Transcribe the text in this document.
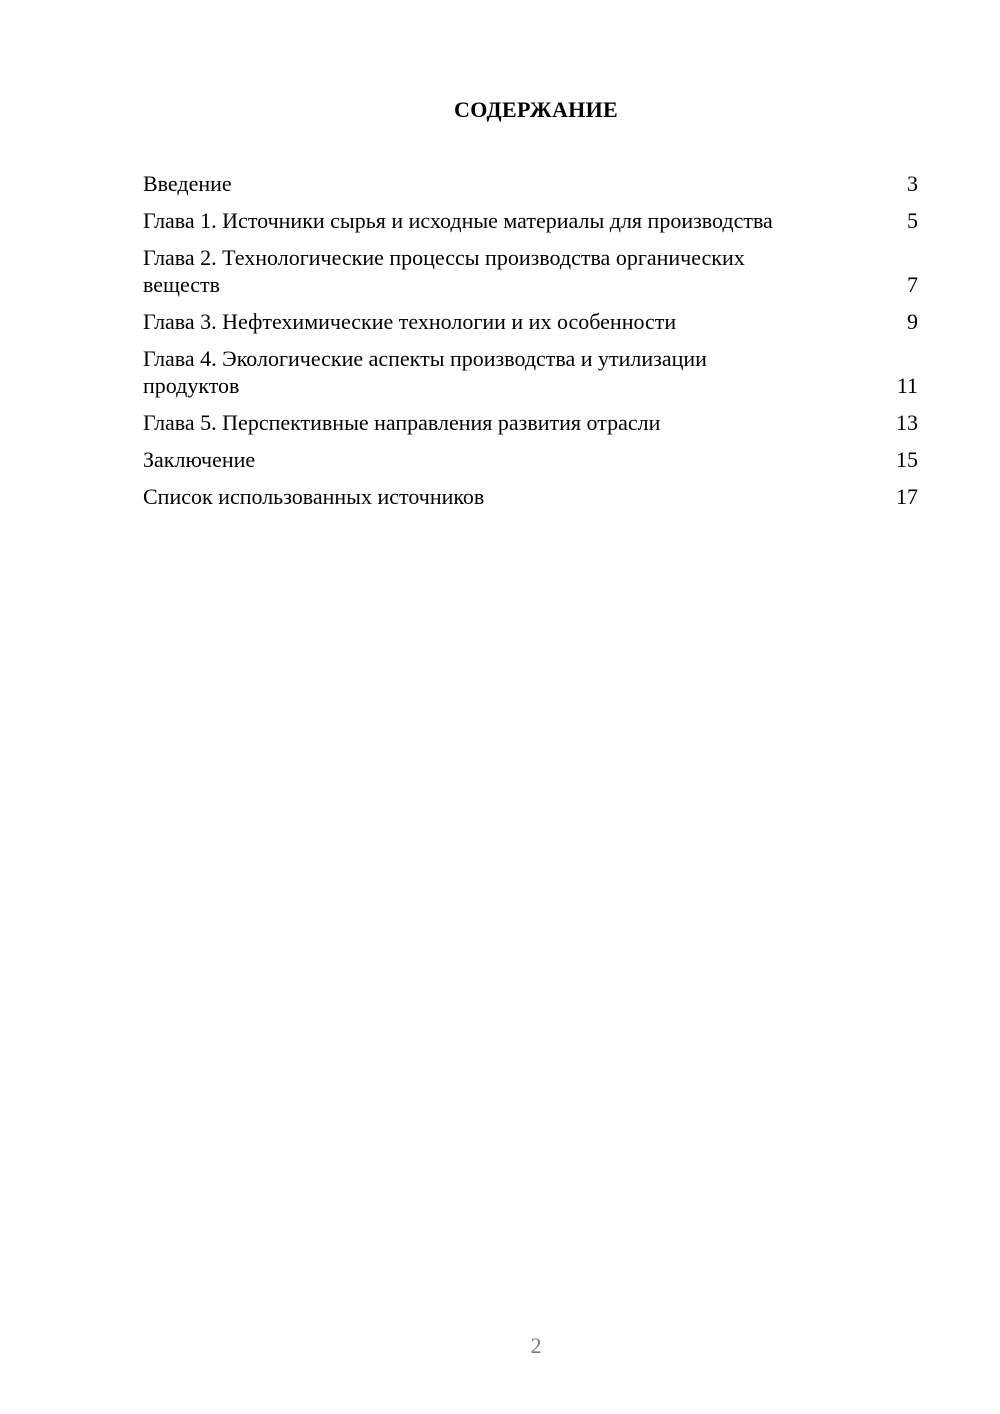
СОДЕРЖАНИЕ
Введение	3
Глава 1. Источники сырья и исходные материалы для производства	5
Глава 2. Технологические процессы производства органических веществ	7
Глава 3. Нефтехимические технологии и их особенности	9
Глава 4. Экологические аспекты производства и утилизации продуктов	11
Глава 5. Перспективные направления развития отрасли	13
Заключение	15
Список использованных источников	17
2
